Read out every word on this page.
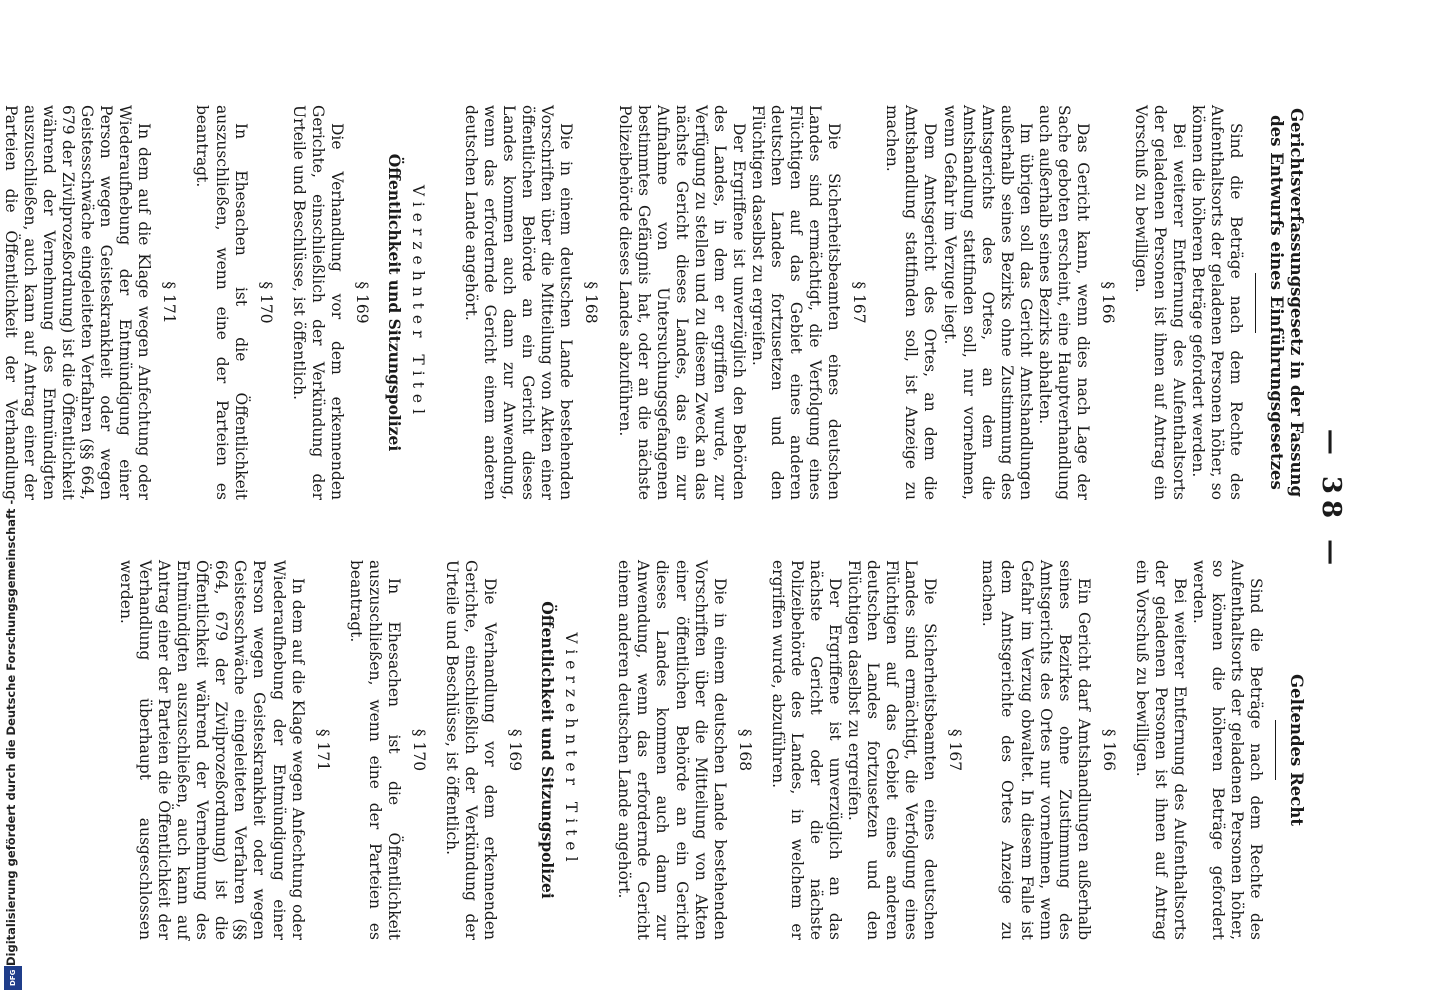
— 38 —
Gerichtsverfassungsgesetz in der Fassung des Entwurfs eines Einführungsgesetzes

Sind die Beträge nach dem Rechte des Aufenthaltsorts der geladenen Personen höher, so können die höheren Beträge gefordert werden.

Bei weiterer Entfernung des Aufenthaltsorts der geladenen Personen ist ihnen auf Antrag ein Vorschuß zu bewilligen.

§ 166

Das Gericht kann, wenn dies nach Lage der Sache geboten erscheint, eine Hauptverhandlung auch außerhalb seines Bezirks abhalten.

Im übrigen soll das Gericht Amtshandlungen außerhalb seines Bezirks ohne Zustimmung des Amtsgerichts des Ortes, an dem die Amtshandlung stattfinden soll, nur vornehmen, wenn Gefahr im Verzuge liegt.

Dem Amtsgericht des Ortes, an dem die Amtshandlung stattfinden soll, ist Anzeige zu machen.

§ 167

Die Sicherheitsbeamten eines deutschen Landes sind ermächtigt, die Verfolgung eines Flüchtigen auf das Gebiet eines anderen deutschen Landes fortzusetzen und den Flüchtigen daselbst zu ergreifen.

Der Ergriffene ist unverzüglich den Behörden des Landes, in dem er ergriffen wurde, zur Verfügung zu stellen und zu diesem Zweck an das nächste Gericht dieses Landes, das ein zur Aufnahme von Untersuchungsgefangenen bestimmtes Gefängnis hat, oder an die nächste Polizeibehörde dieses Landes abzuführen.

§ 168

Die in einem deutschen Lande bestehenden Vorschriften über die Mitteilung von Akten einer öffentlichen Behörde an ein Gericht dieses Landes kommen auch dann zur Anwendung, wenn das erfordernde Gericht einem anderen deutschen Lande angehört.

Vierzehnter Titel
Öffentlichkeit und Sitzungspolizei
§ 169

Die Verhandlung vor dem erkennenden Gerichte, einschließlich der Verkündung der Urteile und Beschlüsse, ist öffentlich.

§ 170

In Ehesachen ist die Öffentlichkeit auszuschließen, wenn eine der Parteien es beantragt.

§ 171

In dem auf die Klage wegen Anfechtung oder Wiederaufhebung der Entmündigung einer Person wegen Geisteskrankheit oder wegen Geistesschwäche eingeleiteten Verfahren (§§ 664, 679 der Zivilprozeßordnung) ist die Öffentlichkeit während der Vernehmung des Entmündigten auszuschließen, auch kann auf Antrag einer der Parteien die Öffentlichkeit der Verhandlung

Geltendes Recht

Sind die Beträge nach dem Rechte des Aufenthaltsorts der geladenen Personen höher, so können die höheren Beträge gefordert werden.

Bei weiterer Entfernung des Aufenthaltsorts der geladenen Personen ist ihnen auf Antrag ein Vorschuß zu bewilligen.

§ 166

Ein Gericht darf Amtshandlungen außerhalb seines Bezirkes ohne Zustimmung des Amtsgerichts des Ortes nur vornehmen, wenn Gefahr im Verzug obwaltet. In diesem Falle ist dem Amtsgerichte des Ortes Anzeige zu machen.

§ 167

Die Sicherheitsbeamten eines deutschen Landes sind ermächtigt, die Verfolgung eines Flüchtigen auf das Gebiet eines anderen deutschen Landes fortzusetzen und den Flüchtigen daselbst zu ergreifen.

Der Ergriffene ist unverzüglich an das nächste Gericht oder die nächste Polizeibehörde des Landes, in welchem er ergriffen wurde, abzuführen.

§ 168

Die in einem deutschen Lande bestehenden Vorschriften über die Mitteilung von Akten einer öffentlichen Behörde an ein Gericht dieses Landes kommen auch dann zur Anwendung, wenn das erfordernde Gericht einem anderen deutschen Lande angehört.

Vierzehnter Titel
Öffentlichkeit und Sitzungspolizei
§ 169

Die Verhandlung vor dem erkennenden Gerichte, einschließlich der Verkündung der Urteile und Beschlüsse, ist öffentlich.

§ 170

In Ehesachen ist die Öffentlichkeit auszuschließen, wenn eine der Parteien es beantragt.

§ 171

In dem auf die Klage wegen Anfechtung oder Wiederaufhebung der Entmündigung einer Person wegen Geisteskrankheit oder wegen Geistesschwäche eingeleiteten Verfahren (§§ 664, 679 der Zivilprozeßordnung) ist die Öffentlichkeit während der Vernehmung des Entmündigten auszuschließen, auch kann auf Antrag einer der Parteien die Öffentlichkeit der Verhandlung überhaupt ausgeschlossen werden.

Digitalisierung gefördert durch die Deutsche Forschungsgemeinschaft -
DFG
